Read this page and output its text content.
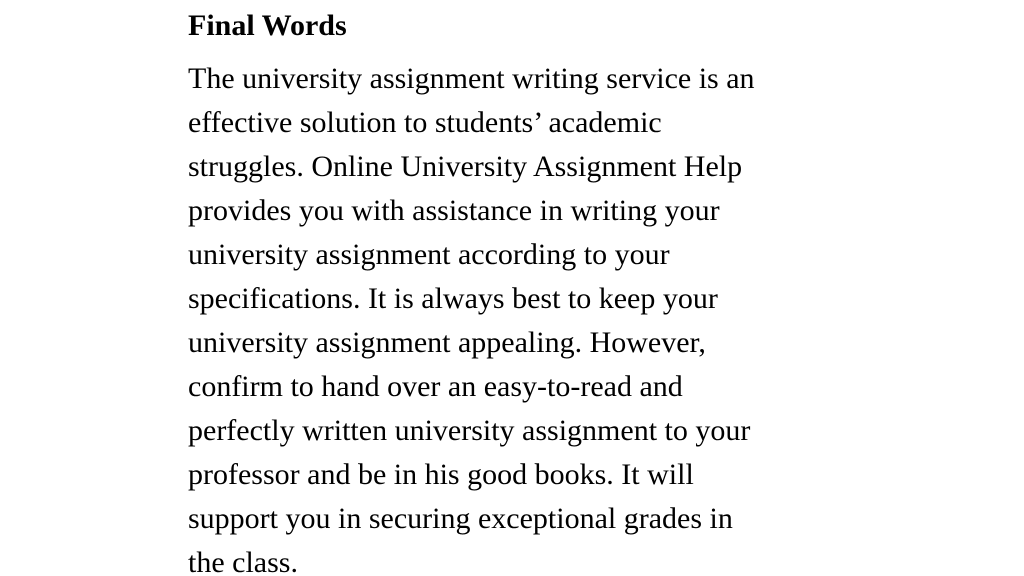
Final Words

The university assignment writing service is an
effective solution to students’ academic
struggles. Online University Assignment Help
provides you with assistance in writing your
university assignment according to your
specifications. It is always best to keep your
university assignment appealing. However,
confirm to hand over an easy-to-read and
perfectly written university assignment to your
professor and be in his good books. It will
support you in securing exceptional grades in
the class.
